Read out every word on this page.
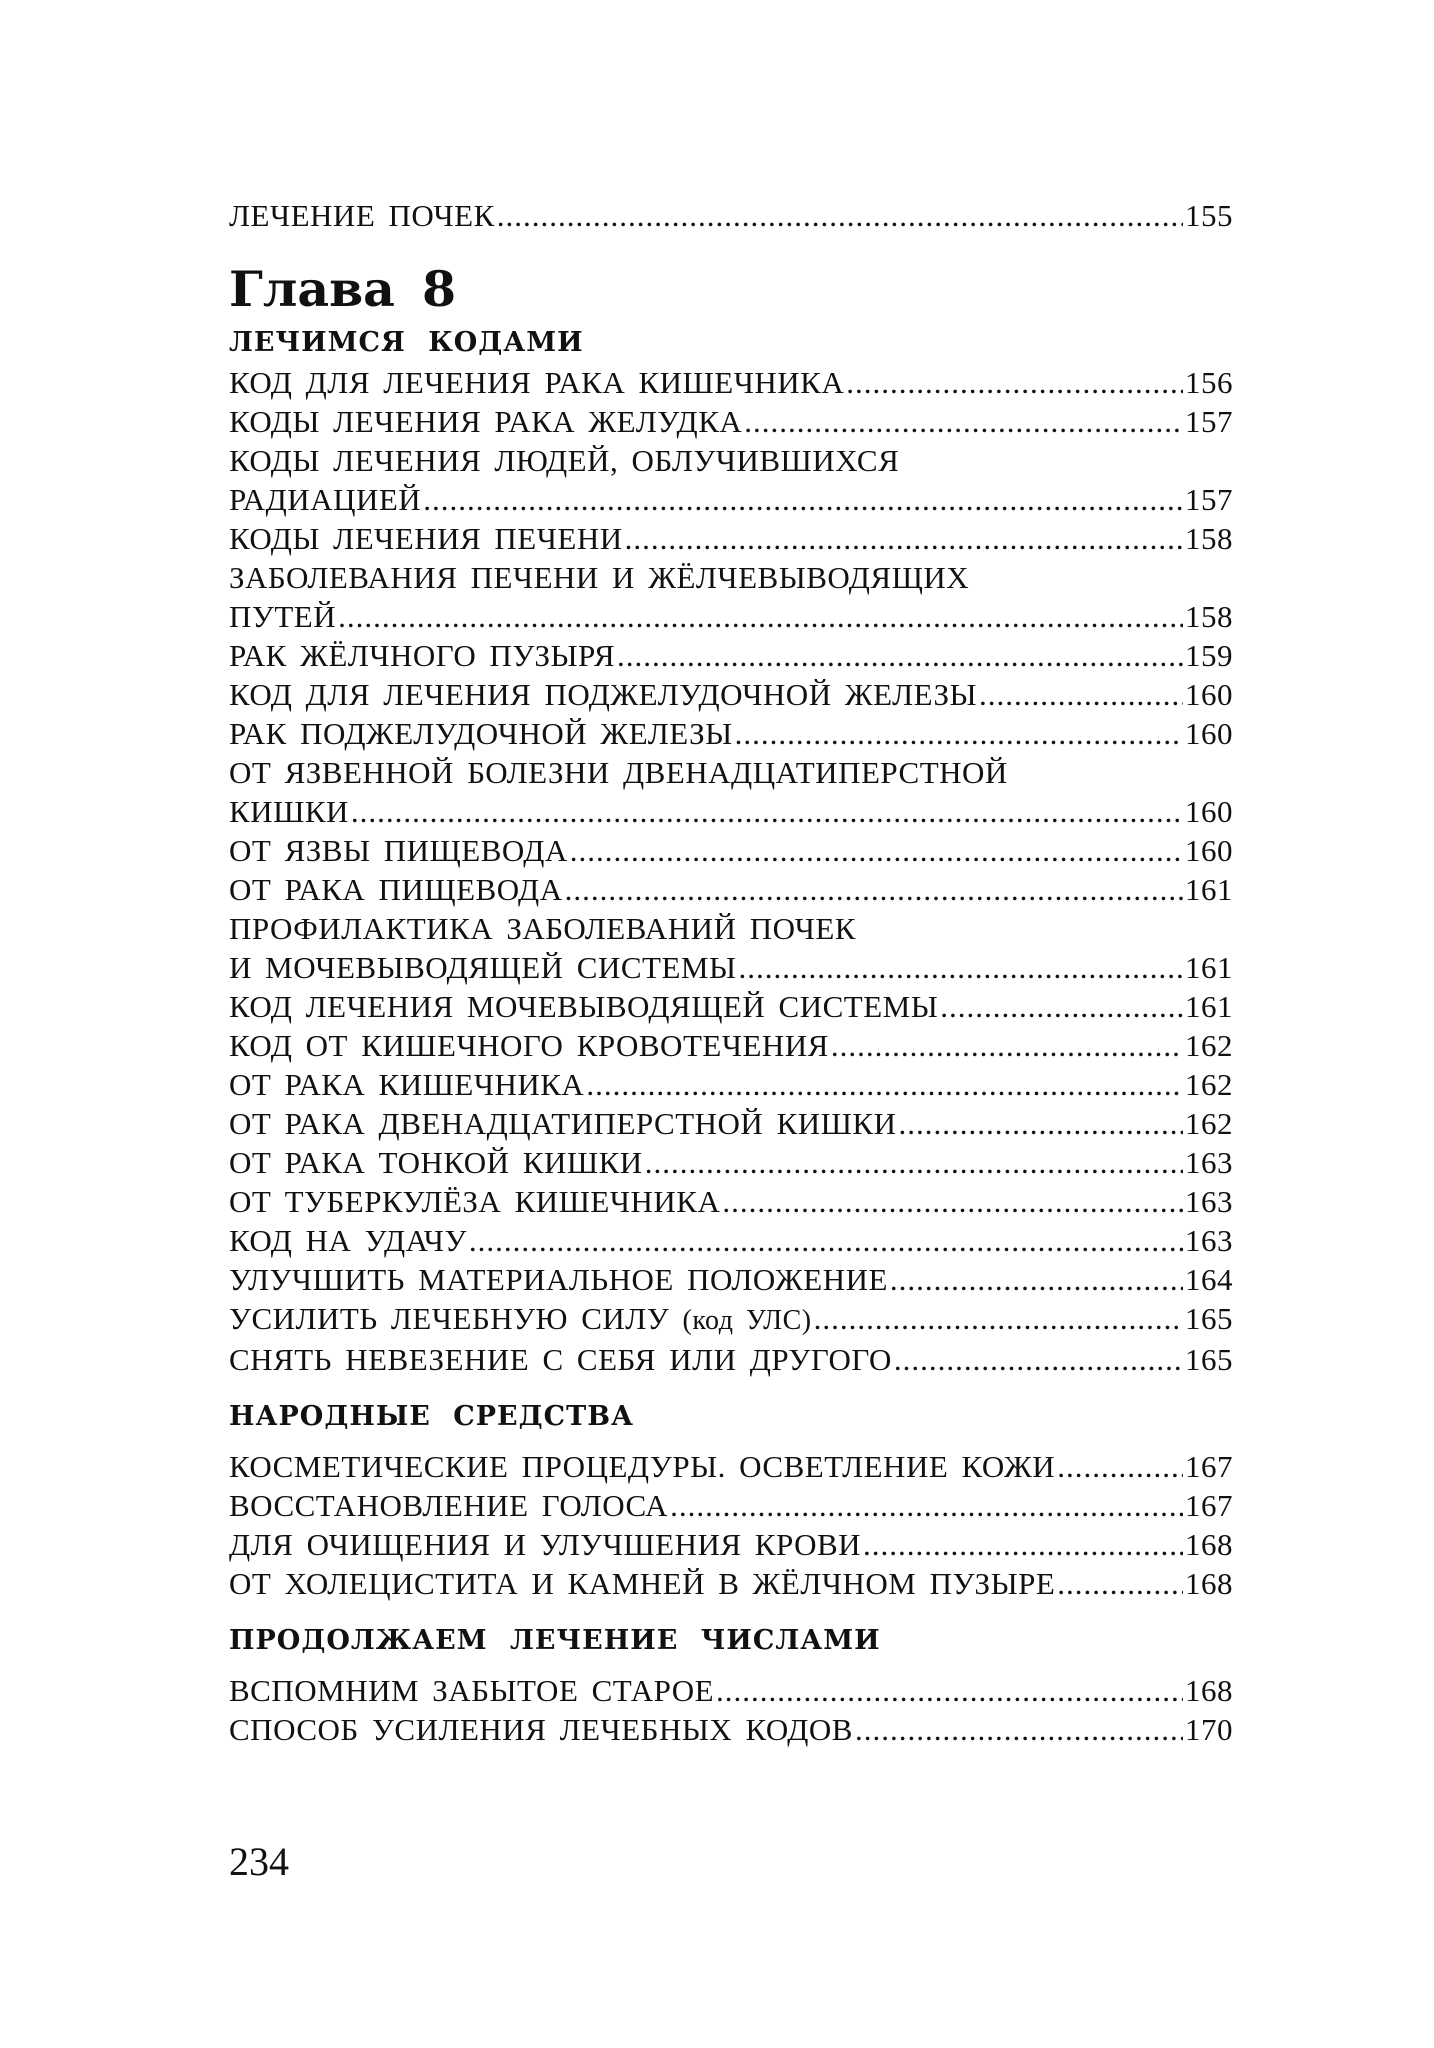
ЛЕЧЕНИЕ ПОЧЕК .....	155
Глава 8
ЛЕЧИМСЯ КОДАМИ
КОД ДЛЯ ЛЕЧЕНИЯ РАКА КИШЕЧНИКА .....	156
КОДЫ ЛЕЧЕНИЯ РАКА ЖЕЛУДКА .....	157
КОДЫ ЛЕЧЕНИЯ ЛЮДЕЙ, ОБЛУЧИВШИХСЯ
РАДИАЦИЕЙ .....	157
КОДЫ ЛЕЧЕНИЯ ПЕЧЕНИ .....	158
ЗАБОЛЕВАНИЯ ПЕЧЕНИ И ЖЁЛЧЕВЫВОДЯЩИХ
ПУТЕЙ .....	158
РАК ЖЁЛЧНОГО ПУЗЫРЯ .....	159
КОД ДЛЯ ЛЕЧЕНИЯ ПОДЖЕЛУДОЧНОЙ ЖЕЛЕЗЫ .....	160
РАК ПОДЖЕЛУДОЧНОЙ ЖЕЛЕЗЫ .....	160
ОТ ЯЗВЕННОЙ БОЛЕЗНИ ДВЕНАДЦАТИПЕРСТНОЙ
КИШКИ .....	160
ОТ ЯЗВЫ ПИЩЕВОДА .....	160
ОТ РАКА ПИЩЕВОДА .....	161
ПРОФИЛАКТИКА ЗАБОЛЕВАНИЙ ПОЧЕК
И МОЧЕВЫВОДЯЩЕЙ СИСТЕМЫ .....	161
КОД ЛЕЧЕНИЯ МОЧЕВЫВОДЯЩЕЙ СИСТЕМЫ .....	161
КОД ОТ КИШЕЧНОГО КРОВОТЕЧЕНИЯ .....	162
ОТ РАКА КИШЕЧНИКА .....	162
ОТ РАКА ДВЕНАДЦАТИПЕРСТНОЙ КИШКИ .....	162
ОТ РАКА ТОНКОЙ КИШКИ .....	163
ОТ ТУБЕРКУЛЁЗА КИШЕЧНИКА .....	163
КОД НА УДАЧУ .....	163
УЛУЧШИТЬ МАТЕРИАЛЬНОЕ ПОЛОЖЕНИЕ .....	164
УСИЛИТЬ ЛЕЧЕБНУЮ СИЛУ (код УЛС) .....	165
СНЯТЬ НЕВЕЗЕНИЕ С СЕБЯ ИЛИ ДРУГОГО .....	165
НАРОДНЫЕ СРЕДСТВА
КОСМЕТИЧЕСКИЕ ПРОЦЕДУРЫ. ОСВЕТЛЕНИЕ КОЖИ .....	167
ВОССТАНОВЛЕНИЕ ГОЛОСА .....	167
ДЛЯ ОЧИЩЕНИЯ И УЛУЧШЕНИЯ КРОВИ .....	168
ОТ ХОЛЕЦИСТИТА И КАМНЕЙ В ЖЁЛЧНОМ ПУЗЫРЕ .....	168
ПРОДОЛЖАЕМ ЛЕЧЕНИЕ ЧИСЛАМИ
ВСПОМНИМ ЗАБЫТОЕ СТАРОЕ .....	168
СПОСОБ УСИЛЕНИЯ ЛЕЧЕБНЫХ КОДОВ .....	170
234
